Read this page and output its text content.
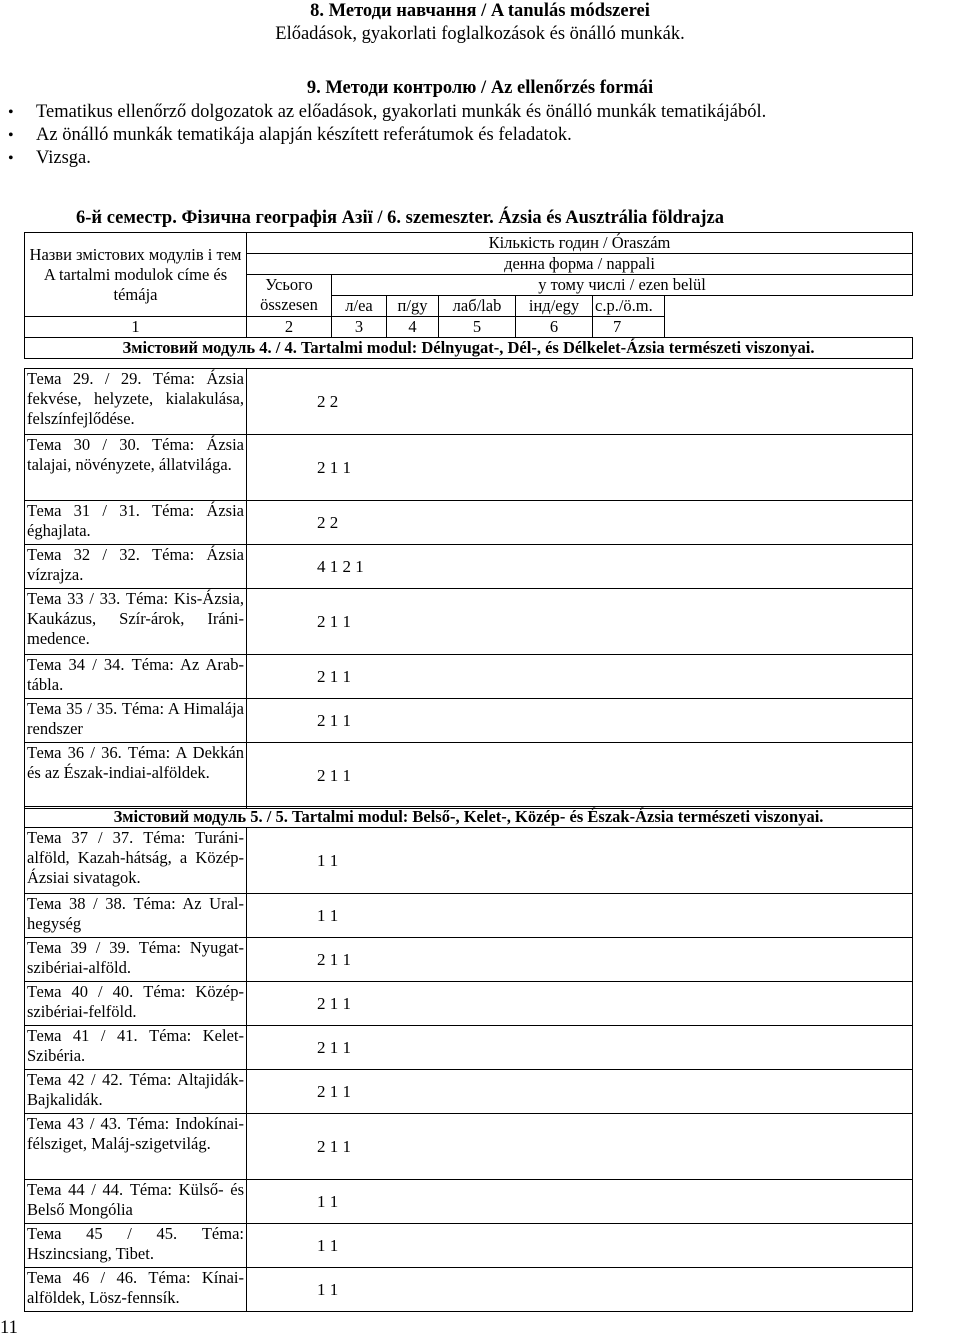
8. Методи навчання / A tanulás módszerei
Előadások, gyakorlati foglalkozások és önálló munkák.
9. Методи контролю / Az ellenőrzés formái
• Tematikus ellenőrző dolgozatok az előadások, gyakorlati munkák és önálló munkák tematikájából.
• Az önálló munkák tematikája alapján készített referátumok és feladatok.
• Vizsga.
6-й семестр. Фізична географія Азії / 6. szemeszter. Ázsia és Ausztrália földrajza
Назви змістових модулів і тем
A tartalmi modulok címe és témája	Кількість годин / Óraszám						
	денна форма / nappali						
	Усього összesen	у тому числі / ezen belül					
		л/ea	п/gy	лаб/lab	інд/egy	с.р./ö.m.	
1	2	3	4	5	6	7	
Змістовий модуль 4. / 4. Tartalmi modul: Délnyugat-, Dél-, és Délkelet-Ázsia természeti viszonyai.							
Тема 29. / 29. Téma: Ázsia fekvése, helyzete, kialakulása, felszínfejlődése.	2 2
Тема 30 / 30. Téma: Ázsia talajai, növényzete, állatvilága.	2 1 1
Тема 31 / 31. Téma: Ázsia éghajlata.	2 2
Тема 32 / 32. Téma: Ázsia vízrajza.	4 1 2 1
Тема 33 / 33. Téma: Kis-Ázsia, Kaukázus, Szír-árok, Iráni-medence.	2 1 1
Тема 34 / 34. Téma: Az Arab-tábla.	2 1 1
Тема 35 / 35. Téma: A Himalája rendszer	2 1 1
Тема 36 / 36. Téma: A Dekkán és az Észak-indiai-alföldek.	2 1 1
Змістовий модуль 5. / 5. Tartalmi modul: Belső-, Kelet-, Közép- és Észak-Ázsia természeti viszonyai.	
Тема 37 / 37. Téma: Turáni-alföld, Kazah-hátság, a Közép-Ázsiai sivatagok.	1 1
Тема 38 / 38. Téma: Az Ural-hegység	1 1
Тема 39 / 39. Téma: Nyugat-szibériai-alföld.	2 1 1
Тема 40 / 40. Téma: Közép-szibériai-felföld.	2 1 1
Тема 41 / 41. Téma: Kelet-Szibéria.	2 1 1
Тема 42 / 42. Téma: Altajidák-Bajkalidák.	2 1 1
Тема 43 / 43. Téma: Indokínai-félsziget, Maláj-szigetvilág.	2 1 1
Тема 44 / 44. Téma: Külső- és Belső Mongólia	1 1
Тема 45 / 45. Téma: Hszincsiang, Tibet.	1 1
Тема 46 / 46. Téma: Kínai-alföldek, Lösz-fennsík.	1 1
11
